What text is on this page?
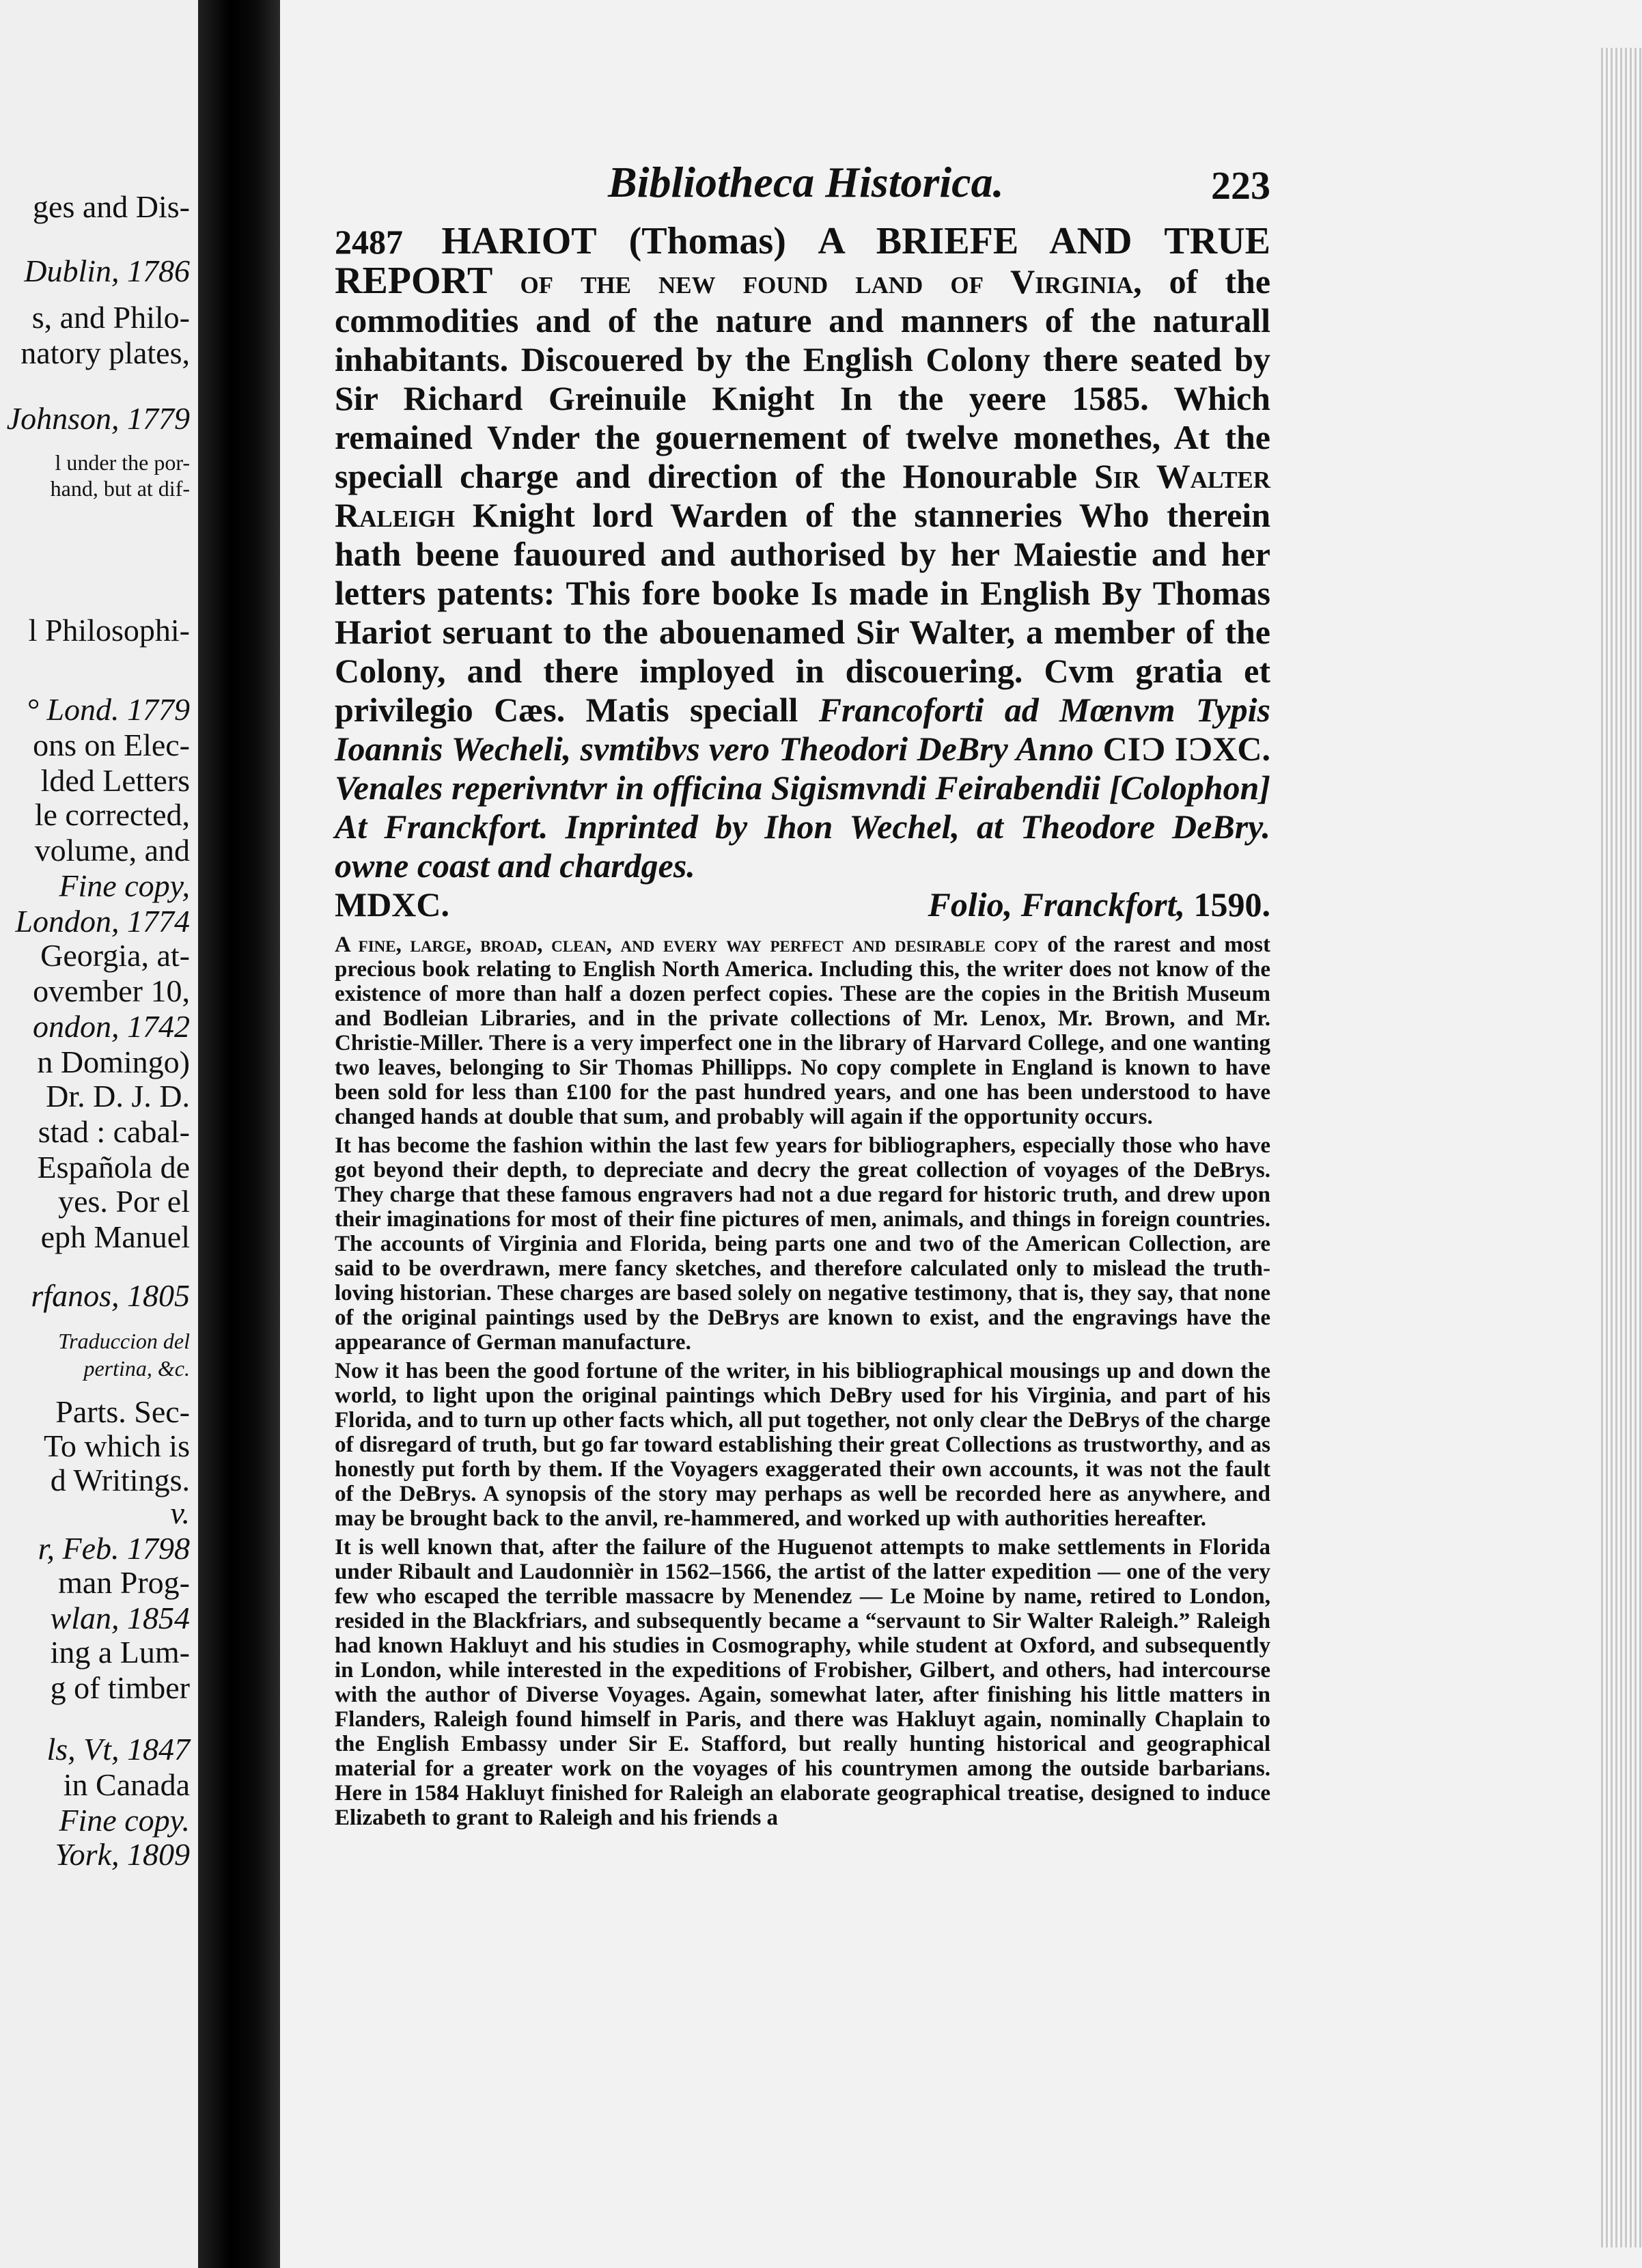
ges and Dis-
Dublin, 1786
s, and Philo-
natory plates,
Johnson, 1779
l under the por-
hand, but at dif-
l Philosophi-
° Lond. 1779
ons on Elec-
lded Letters
le corrected,
volume, and
Fine copy,
London, 1774
Georgia, at-
ovember 10,
ondon, 1742
n Domingo)
Dr. D. J. D.
stad : cabal-
Española de
yes. Por el
eph Manuel
rfanos, 1805
Traduccion del
pertina, &c.
Parts. Sec-
To which is
d Writings.
v.
r, Feb. 1798
man Prog-
wlan, 1854
ing a Lum-
g of timber
ls, Vt, 1847
in Canada
Fine copy.
York, 1809
Bibliotheca Historica.	223

2487 HARIOT (Thomas) A BRIEFE AND TRUE REPORT of the new found land of Virginia, of the commodities and of the nature and manners of the naturall inhabitants. Discouered by the English Colony there seated by Sir Richard Greinuile Knight In the yeere 1585. Which remained Vnder the gouernement of twelve monethes, At the speciall charge and direction of the Honourable Sir Walter Raleigh Knight lord Warden of the stanneries Who therein hath beene fauoured and authorised by her Maiestie and her letters patents: This fore booke Is made in English By Thomas Hariot seruant to the abouenamed Sir Walter, a member of the Colony, and there imployed in discouering. Cvm gratia et privilegio Cæs. Matis speciall Francoforti ad Mœnvm Typis Ioannis Wecheli, svmtibvs vero Theodori DeBry Anno CIƆ IƆXC. Venales reperivntvr in officina Sigismvndi Feirabendii [Colophon] At Franckfort. Inprinted by Ihon Wechel, at Theodore DeBry. owne coast and chardges.

MDXC.	Folio, Franckfort, 1590.

A fine, large, broad, clean, and every way perfect and desirable copy of the rarest and most precious book relating to English North America. Including this, the writer does not know of the existence of more than half a dozen perfect copies. These are the copies in the British Museum and Bodleian Libraries, and in the private collections of Mr. Lenox, Mr. Brown, and Mr. Christie-Miller. There is a very imperfect one in the library of Harvard College, and one wanting two leaves, belonging to Sir Thomas Phillipps. No copy complete in England is known to have been sold for less than £100 for the past hundred years, and one has been understood to have changed hands at double that sum, and probably will again if the opportunity occurs.

It has become the fashion within the last few years for bibliographers, especially those who have got beyond their depth, to depreciate and decry the great collection of voyages of the DeBrys. They charge that these famous engravers had not a due regard for historic truth, and drew upon their imaginations for most of their fine pictures of men, animals, and things in foreign countries. The accounts of Virginia and Florida, being parts one and two of the American Collection, are said to be overdrawn, mere fancy sketches, and therefore calculated only to mislead the truth-loving historian. These charges are based solely on negative testimony, that is, they say, that none of the original paintings used by the DeBrys are known to exist, and the engravings have the appearance of German manufacture.

Now it has been the good fortune of the writer, in his bibliographical mousings up and down the world, to light upon the original paintings which DeBry used for his Virginia, and part of his Florida, and to turn up other facts which, all put together, not only clear the DeBrys of the charge of disregard of truth, but go far toward establishing their great Collections as trustworthy, and as honestly put forth by them. If the Voyagers exaggerated their own accounts, it was not the fault of the DeBrys. A synopsis of the story may perhaps as well be recorded here as anywhere, and may be brought back to the anvil, re-hammered, and worked up with authorities hereafter.

It is well known that, after the failure of the Huguenot attempts to make settlements in Florida under Ribault and Laudonnièr in 1562–1566, the artist of the latter expedition — one of the very few who escaped the terrible massacre by Menendez — Le Moine by name, retired to London, resided in the Blackfriars, and subsequently became a “servaunt to Sir Walter Raleigh.” Raleigh had known Hakluyt and his studies in Cosmography, while student at Oxford, and subsequently in London, while interested in the expeditions of Frobisher, Gilbert, and others, had intercourse with the author of Diverse Voyages. Again, somewhat later, after finishing his little matters in Flanders, Raleigh found himself in Paris, and there was Hakluyt again, nominally Chaplain to the English Embassy under Sir E. Stafford, but really hunting historical and geographical material for a greater work on the voyages of his countrymen among the outside barbarians. Here in 1584 Hakluyt finished for Raleigh an elaborate geographical treatise, designed to induce Elizabeth to grant to Raleigh and his friends a
